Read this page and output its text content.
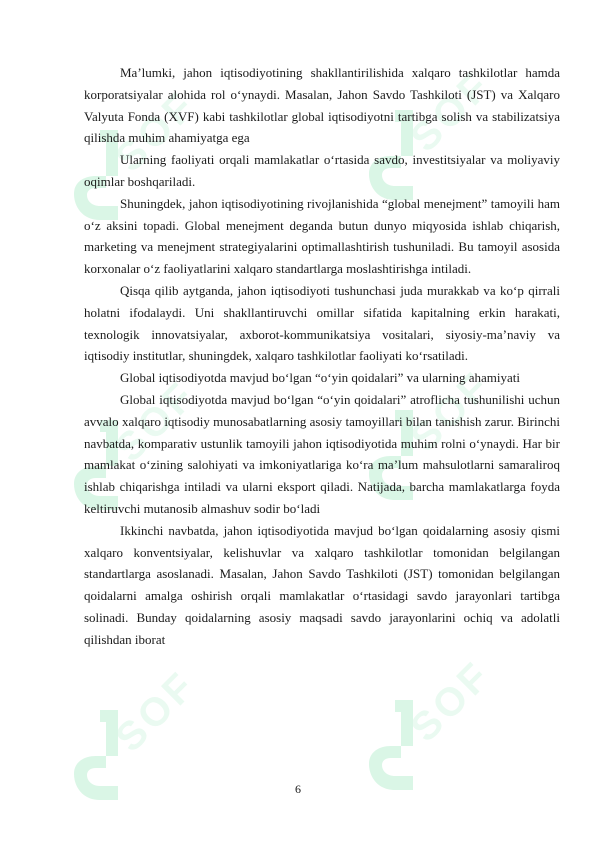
Ma’lumki, jahon iqtisodiyotining shakllantirilishida xalqaro tashkilotlar hamda korporatsiyalar alohida rol o‘ynaydi. Masalan, Jahon Savdo Tashkiloti (JST) va Xalqaro Valyuta Fonda (XVF) kabi tashkilotlar global iqtisodiyotni tartibga solish va stabilizatsiya qilishda muhim ahamiyatga ega

Ularning faoliyati orqali mamlakatlar o‘rtasida savdo, investitsiyalar va moliyaviy oqimlar boshqariladi.

Shuningdek, jahon iqtisodiyotining rivojlanishida “global menejment” tamoyili ham o‘z aksini topadi. Global menejment deganda butun dunyo miqyosida ishlab chiqarish, marketing va menejment strategiyalarini optimallashtirish tushuniladi. Bu tamoyil asosida korxonalar o‘z faoliyatlarini xalqaro standartlarga moslashtirishga intiladi.

Qisqa qilib aytganda, jahon iqtisodiyoti tushunchasi juda murakkab va ko‘p qirrali holatni ifodalaydi. Uni shakllantiruvchi omillar sifatida kapitalning erkin harakati, texnologik innovatsiyalar, axborot-kommunikatsiya vositalari, siyosiy-ma’naviy va iqtisodiy institutlar, shuningdek, xalqaro tashkilotlar faoliyati ko‘rsatiladi.

Global iqtisodiyotda mavjud bo‘lgan “o‘yin qoidalari” va ularning ahamiyati

Global iqtisodiyotda mavjud bo‘lgan “o‘yin qoidalari” atroflicha tushunilishi uchun avvalo xalqaro iqtisodiy munosabatlarning asosiy tamoyillari bilan tanishish zarur. Birinchi navbatda, komparativ ustunlik tamoyili jahon iqtisodiyotida muhim rolni o‘ynaydi. Har bir mamlakat o‘zining salohiyati va imkoniyatlariga ko‘ra ma’lum mahsulotlarni samaraliroq ishlab chiqarishga intiladi va ularni eksport qiladi. Natijada, barcha mamlakatlarga foyda keltiruvchi mutanosib almashuv sodir bo‘ladi

Ikkinchi navbatda, jahon iqtisodiyotida mavjud bo‘lgan qoidalarning asosiy qismi xalqaro konventsiyalar, kelishuvlar va xalqaro tashkilotlar tomonidan belgilangan standartlarga asoslanadi. Masalan, Jahon Savdo Tashkiloti (JST) tomonidan belgilangan qoidalarni amalga oshirish orqali mamlakatlar o‘rtasidagi savdo jarayonlari tartibga solinadi. Bunday qoidalarning asosiy maqsadi savdo jarayonlarini ochiq va adolatli qilishdan iborat

6
